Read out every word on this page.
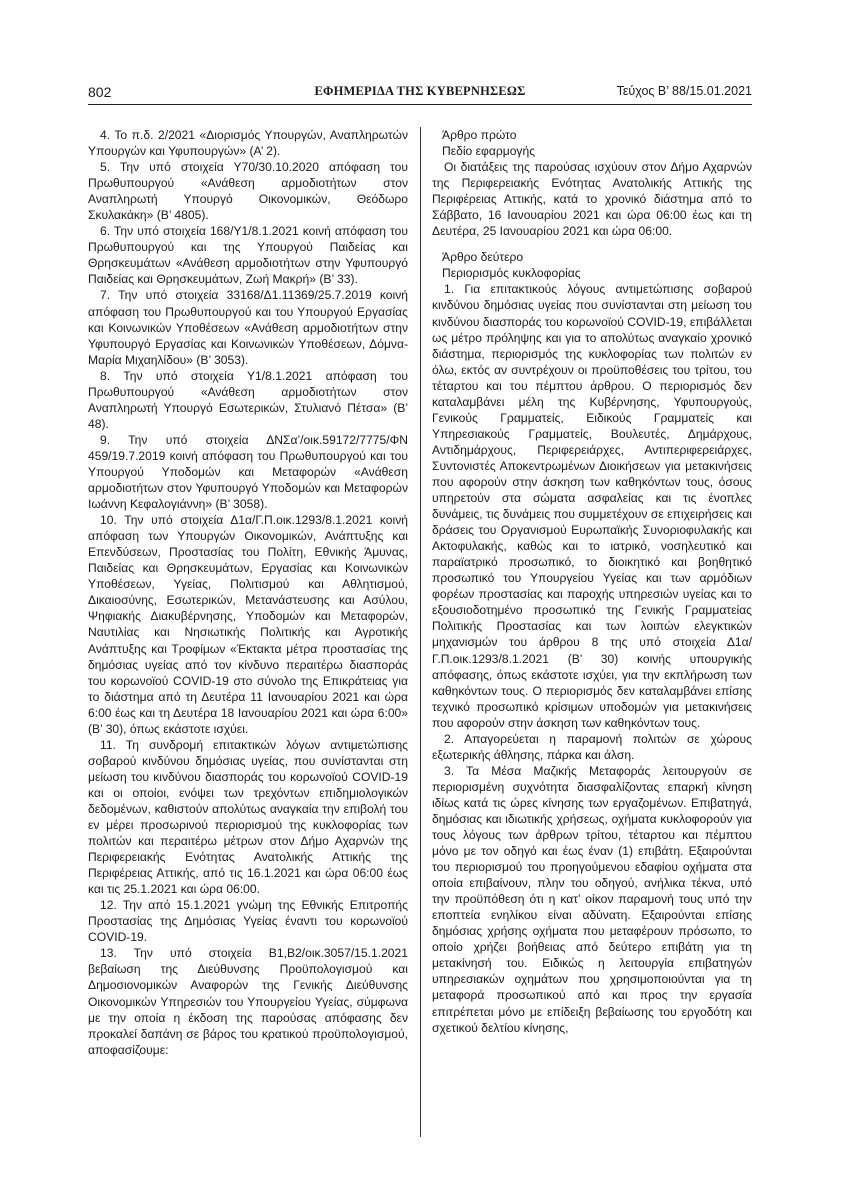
802	ΕΦΗΜΕΡΙΔΑ ΤΗΣ ΚΥΒΕΡΝΗΣΕΩΣ	Τεύχος Β’ 88/15.01.2021

4. Το π.δ. 2/2021 «Διορισμός Υπουργών, Αναπληρωτών Υπουργών και Υφυπουργών» (Α’ 2).

5. Την υπό στοιχεία Υ70/30.10.2020 απόφαση του Πρωθυπουργού «Ανάθεση αρμοδιοτήτων στον Αναπληρωτή Υπουργό Οικονομικών, Θεόδωρο Σκυλακάκη» (Β’ 4805).

6. Την υπό στοιχεία 168/Υ1/8.1.2021 κοινή απόφαση του Πρωθυπουργού και της Υπουργού Παιδείας και Θρησκευμάτων «Ανάθεση αρμοδιοτήτων στην Υφυπουργό Παιδείας και Θρησκευμάτων, Ζωή Μακρή» (Β’ 33).

7. Την υπό στοιχεία 33168/Δ1.11369/25.7.2019 κοινή απόφαση του Πρωθυπουργού και του Υπουργού Εργασίας και Κοινωνικών Υποθέσεων «Ανάθεση αρμοδιοτήτων στην Υφυπουργό Εργασίας και Κοινωνικών Υποθέσεων, Δόμνα-Μαρία Μιχαηλίδου» (Β’ 3053).

8. Την υπό στοιχεία Υ1/8.1.2021 απόφαση του Πρωθυπουργού «Ανάθεση αρμοδιοτήτων στον Αναπληρωτή Υπουργό Εσωτερικών, Στυλιανό Πέτσα» (Β’ 48).

9. Την υπό στοιχεία ΔΝΣα’/οικ.59172/7775/ΦΝ 459/19.7.2019 κοινή απόφαση του Πρωθυπουργού και του Υπουργού Υποδομών και Μεταφορών «Ανάθεση αρμοδιοτήτων στον Υφυπουργό Υποδομών και Μεταφορών Ιωάννη Κεφαλογιάννη» (Β’ 3058).

10. Την υπό στοιχεία Δ1α/Γ.Π.οικ.1293/8.1.2021 κοινή απόφαση των Υπουργών Οικονομικών, Ανάπτυξης και Επενδύσεων, Προστασίας του Πολίτη, Εθνικής Άμυνας, Παιδείας και Θρησκευμάτων, Εργασίας και Κοινωνικών Υποθέσεων, Υγείας, Πολιτισμού και Αθλητισμού, Δικαιοσύνης, Εσωτερικών, Μετανάστευσης και Ασύλου, Ψηφιακής Διακυβέρνησης, Υποδομών και Μεταφορών, Ναυτιλίας και Νησιωτικής Πολιτικής και Αγροτικής Ανάπτυξης και Τροφίμων «Έκτακτα μέτρα προστασίας της δημόσιας υγείας από τον κίνδυνο περαιτέρω διασποράς του κορωνοϊού COVID-19 στο σύνολο της Επικράτειας για το διάστημα από τη Δευτέρα 11 Ιανουαρίου 2021 και ώρα 6:00 έως και τη Δευτέρα 18 Ιανουαρίου 2021 και ώρα 6:00» (Β’ 30), όπως εκάστοτε ισχύει.

11. Τη συνδρομή επιτακτικών λόγων αντιμετώπισης σοβαρού κινδύνου δημόσιας υγείας, που συνίστανται στη μείωση του κινδύνου διασποράς του κορωνοϊού COVID-19 και οι οποίοι, ενόψει των τρεχόντων επιδημιολογικών δεδομένων, καθιστούν απολύτως αναγκαία την επιβολή του εν μέρει προσωρινού περιορισμού της κυκλοφορίας των πολιτών και περαιτέρω μέτρων στον Δήμο Αχαρνών της Περιφερειακής Ενότητας Ανατολικής Αττικής της Περιφέρειας Αττικής, από τις 16.1.2021 και ώρα 06:00 έως και τις 25.1.2021 και ώρα 06:00.

12. Την από 15.1.2021 γνώμη της Εθνικής Επιτροπής Προστασίας της Δημόσιας Υγείας έναντι του κορωνοϊού COVID-19.

13. Την υπό στοιχεία Β1,Β2/οικ.3057/15.1.2021 βεβαίωση της Διεύθυνσης Προϋπολογισμού και Δημοσιονομικών Αναφορών της Γενικής Διεύθυνσης Οικονομικών Υπηρεσιών του Υπουργείου Υγείας, σύμφωνα με την οποία η έκδοση της παρούσας απόφασης δεν προκαλεί δαπάνη σε βάρος του κρατικού προϋπολογισμού, αποφασίζουμε:

Άρθρο πρώτο

Πεδίο εφαρμογής

Οι διατάξεις της παρούσας ισχύουν στον Δήμο Αχαρνών της Περιφερειακής Ενότητας Ανατολικής Αττικής της Περιφέρειας Αττικής, κατά το χρονικό διάστημα από το Σάββατο, 16 Ιανουαρίου 2021 και ώρα 06:00 έως και τη Δευτέρα, 25 Ιανουαρίου 2021 και ώρα 06:00.

Άρθρο δεύτερο

Περιορισμός κυκλοφορίας

1. Για επιτακτικούς λόγους αντιμετώπισης σοβαρού κινδύνου δημόσιας υγείας που συνίστανται στη μείωση του κινδύνου διασποράς του κορωνοϊού COVID-19, επιβάλλεται ως μέτρο πρόληψης και για το απολύτως αναγκαίο χρονικό διάστημα, περιορισμός της κυκλοφορίας των πολιτών εν όλω, εκτός αν συντρέχουν οι προϋποθέσεις του τρίτου, του τέταρτου και του πέμπτου άρθρου. Ο περιορισμός δεν καταλαμβάνει μέλη της Κυβέρνησης, Υφυπουργούς, Γενικούς Γραμματείς, Ειδικούς Γραμματείς και Υπηρεσιακούς Γραμματείς, Βουλευτές, Δημάρχους, Αντιδημάρχους, Περιφερειάρχες, Αντιπεριφερειάρχες, Συντονιστές Αποκεντρωμένων Διοικήσεων για μετακινήσεις που αφορούν στην άσκηση των καθηκόντων τους, όσους υπηρετούν στα σώματα ασφαλείας και τις ένοπλες δυνάμεις, τις δυνάμεις που συμμετέχουν σε επιχειρήσεις και δράσεις του Οργανισμού Ευρωπαϊκής Συνοριοφυλακής και Ακτοφυλακής, καθώς και το ιατρικό, νοσηλευτικό και παραϊατρικό προσωπικό, το διοικητικό και βοηθητικό προσωπικό του Υπουργείου Υγείας και των αρμόδιων φορέων προστασίας και παροχής υπηρεσιών υγείας και το εξουσιοδοτημένο προσωπικό της Γενικής Γραμματείας Πολιτικής Προστασίας και των λοιπών ελεγκτικών μηχανισμών του άρθρου 8 της υπό στοιχεία Δ1α/Γ.Π.οικ.1293/8.1.2021 (Β’ 30) κοινής υπουργικής απόφασης, όπως εκάστοτε ισχύει, για την εκπλήρωση των καθηκόντων τους. Ο περιορισμός δεν καταλαμβάνει επίσης τεχνικό προσωπικό κρίσιμων υποδομών για μετακινήσεις που αφορούν στην άσκηση των καθηκόντων τους.

2. Απαγορεύεται η παραμονή πολιτών σε χώρους εξωτερικής άθλησης, πάρκα και άλση.

3. Τα Μέσα Μαζικής Μεταφοράς λειτουργούν σε περιορισμένη συχνότητα διασφαλίζοντας επαρκή κίνηση ιδίως κατά τις ώρες κίνησης των εργαζομένων. Επιβατηγά, δημόσιας και ιδιωτικής χρήσεως, οχήματα κυκλοφορούν για τους λόγους των άρθρων τρίτου, τέταρτου και πέμπτου μόνο με τον οδηγό και έως έναν (1) επιβάτη. Εξαιρούνται του περιορισμού του προηγούμενου εδαφίου οχήματα στα οποία επιβαίνουν, πλην του οδηγού, ανήλικα τέκνα, υπό την προϋπόθεση ότι η κατ’ οίκον παραμονή τους υπό την εποπτεία ενηλίκου είναι αδύνατη. Εξαιρούνται επίσης δημόσιας χρήσης οχήματα που μεταφέρουν πρόσωπο, το οποίο χρήζει βοήθειας από δεύτερο επιβάτη για τη μετακίνησή του. Ειδικώς η λειτουργία επιβατηγών υπηρεσιακών οχημάτων που χρησιμοποιούνται για τη μεταφορά προσωπικού από και προς την εργασία επιτρέπεται μόνο με επίδειξη βεβαίωσης του εργοδότη και σχετικού δελτίου κίνησης,
